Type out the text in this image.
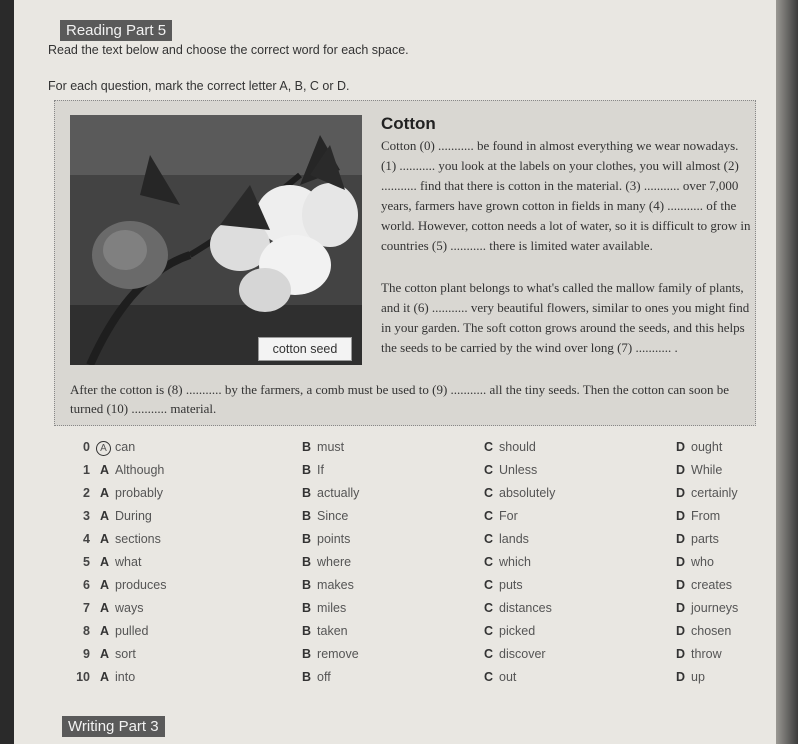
Reading Part 5
Read the text below and choose the correct word for each space.
For each question, mark the correct letter A, B, C or D.
cotton seed
Cotton

Cotton (0) ........... be found in almost everything we wear nowadays. (1) ........... you look at the labels on your clothes, you will almost (2) ........... find that there is cotton in the material. (3) ........... over 7,000 years, farmers have grown cotton in fields in many (4) ........... of the world. However, cotton needs a lot of water, so it is difficult to grow in countries (5) ........... there is limited water available.

The cotton plant belongs to what's called the mallow family of plants, and it (6) ........... very beautiful flowers, similar to ones you might find in your garden. The soft cotton grows around the seeds, and this helps the seeds to be carried by the wind over long (7) ........... .

After the cotton is (8) ........... by the farmers, a comb must be used to (9) ........... all the tiny seeds. Then the cotton can soon be turned (10) ........... material.

0	A can	B must	C should	D ought
1 A Although	B If	C Unless	D While
2 A probably	B actually	C absolutely	D certainly
3 A During	B Since	C For	D From
4 A sections	B points	C lands	D parts
5 A what	B where	C which	D who
6 A produces	B makes	C puts	D creates
7 A ways	B miles	C distances	D journeys
8 A pulled	B taken	C picked	D chosen
9 A sort	B remove	C discover	D throw
10 A into	B off	C out	D up
Writing Part 3
